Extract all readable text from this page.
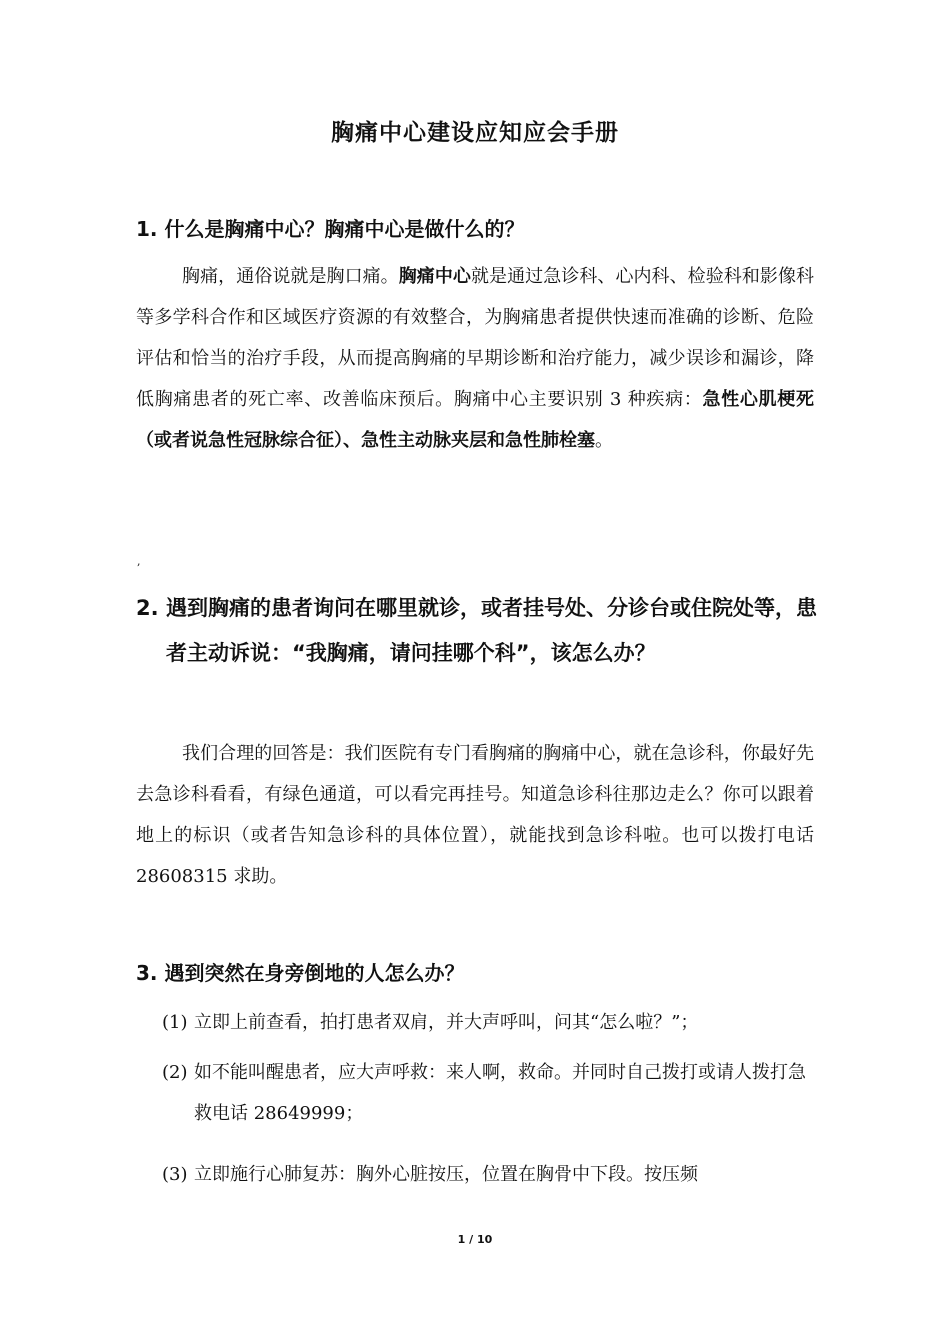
胸痛中心建设应知应会手册
1. 什么是胸痛中心？胸痛中心是做什么的？
胸痛，通俗说就是胸口痛。胸痛中心就是通过急诊科、心内科、检验科和影像科等多学科合作和区域医疗资源的有效整合，为胸痛患者提供快速而准确的诊断、危险评估和恰当的治疗手段，从而提高胸痛的早期诊断和治疗能力，减少误诊和漏诊，降低胸痛患者的死亡率、改善临床预后。胸痛中心主要识别 3 种疾病：急性心肌梗死（或者说急性冠脉综合征）、急性主动脉夹层和急性肺栓塞。
,
2. 遇到胸痛的患者询问在哪里就诊，或者挂号处、分诊台或住院处等，患者主动诉说：“我胸痛，请问挂哪个科”，该怎么办？
我们合理的回答是：我们医院有专门看胸痛的胸痛中心，就在急诊科，你最好先去急诊科看看，有绿色通道，可以看完再挂号。知道急诊科往那边走么？你可以跟着地上的标识（或者告知急诊科的具体位置），就能找到急诊科啦。也可以拨打电话 28608315 求助。
3. 遇到突然在身旁倒地的人怎么办？
(1) 立即上前查看，拍打患者双肩，并大声呼叫，问其“怎么啦？”；
(2) 如不能叫醒患者，应大声呼救：来人啊，救命。并同时自己拨打或请人拨打急救电话 28649999；
(3) 立即施行心肺复苏：胸外心脏按压，位置在胸骨中下段。按压频
1 / 10
